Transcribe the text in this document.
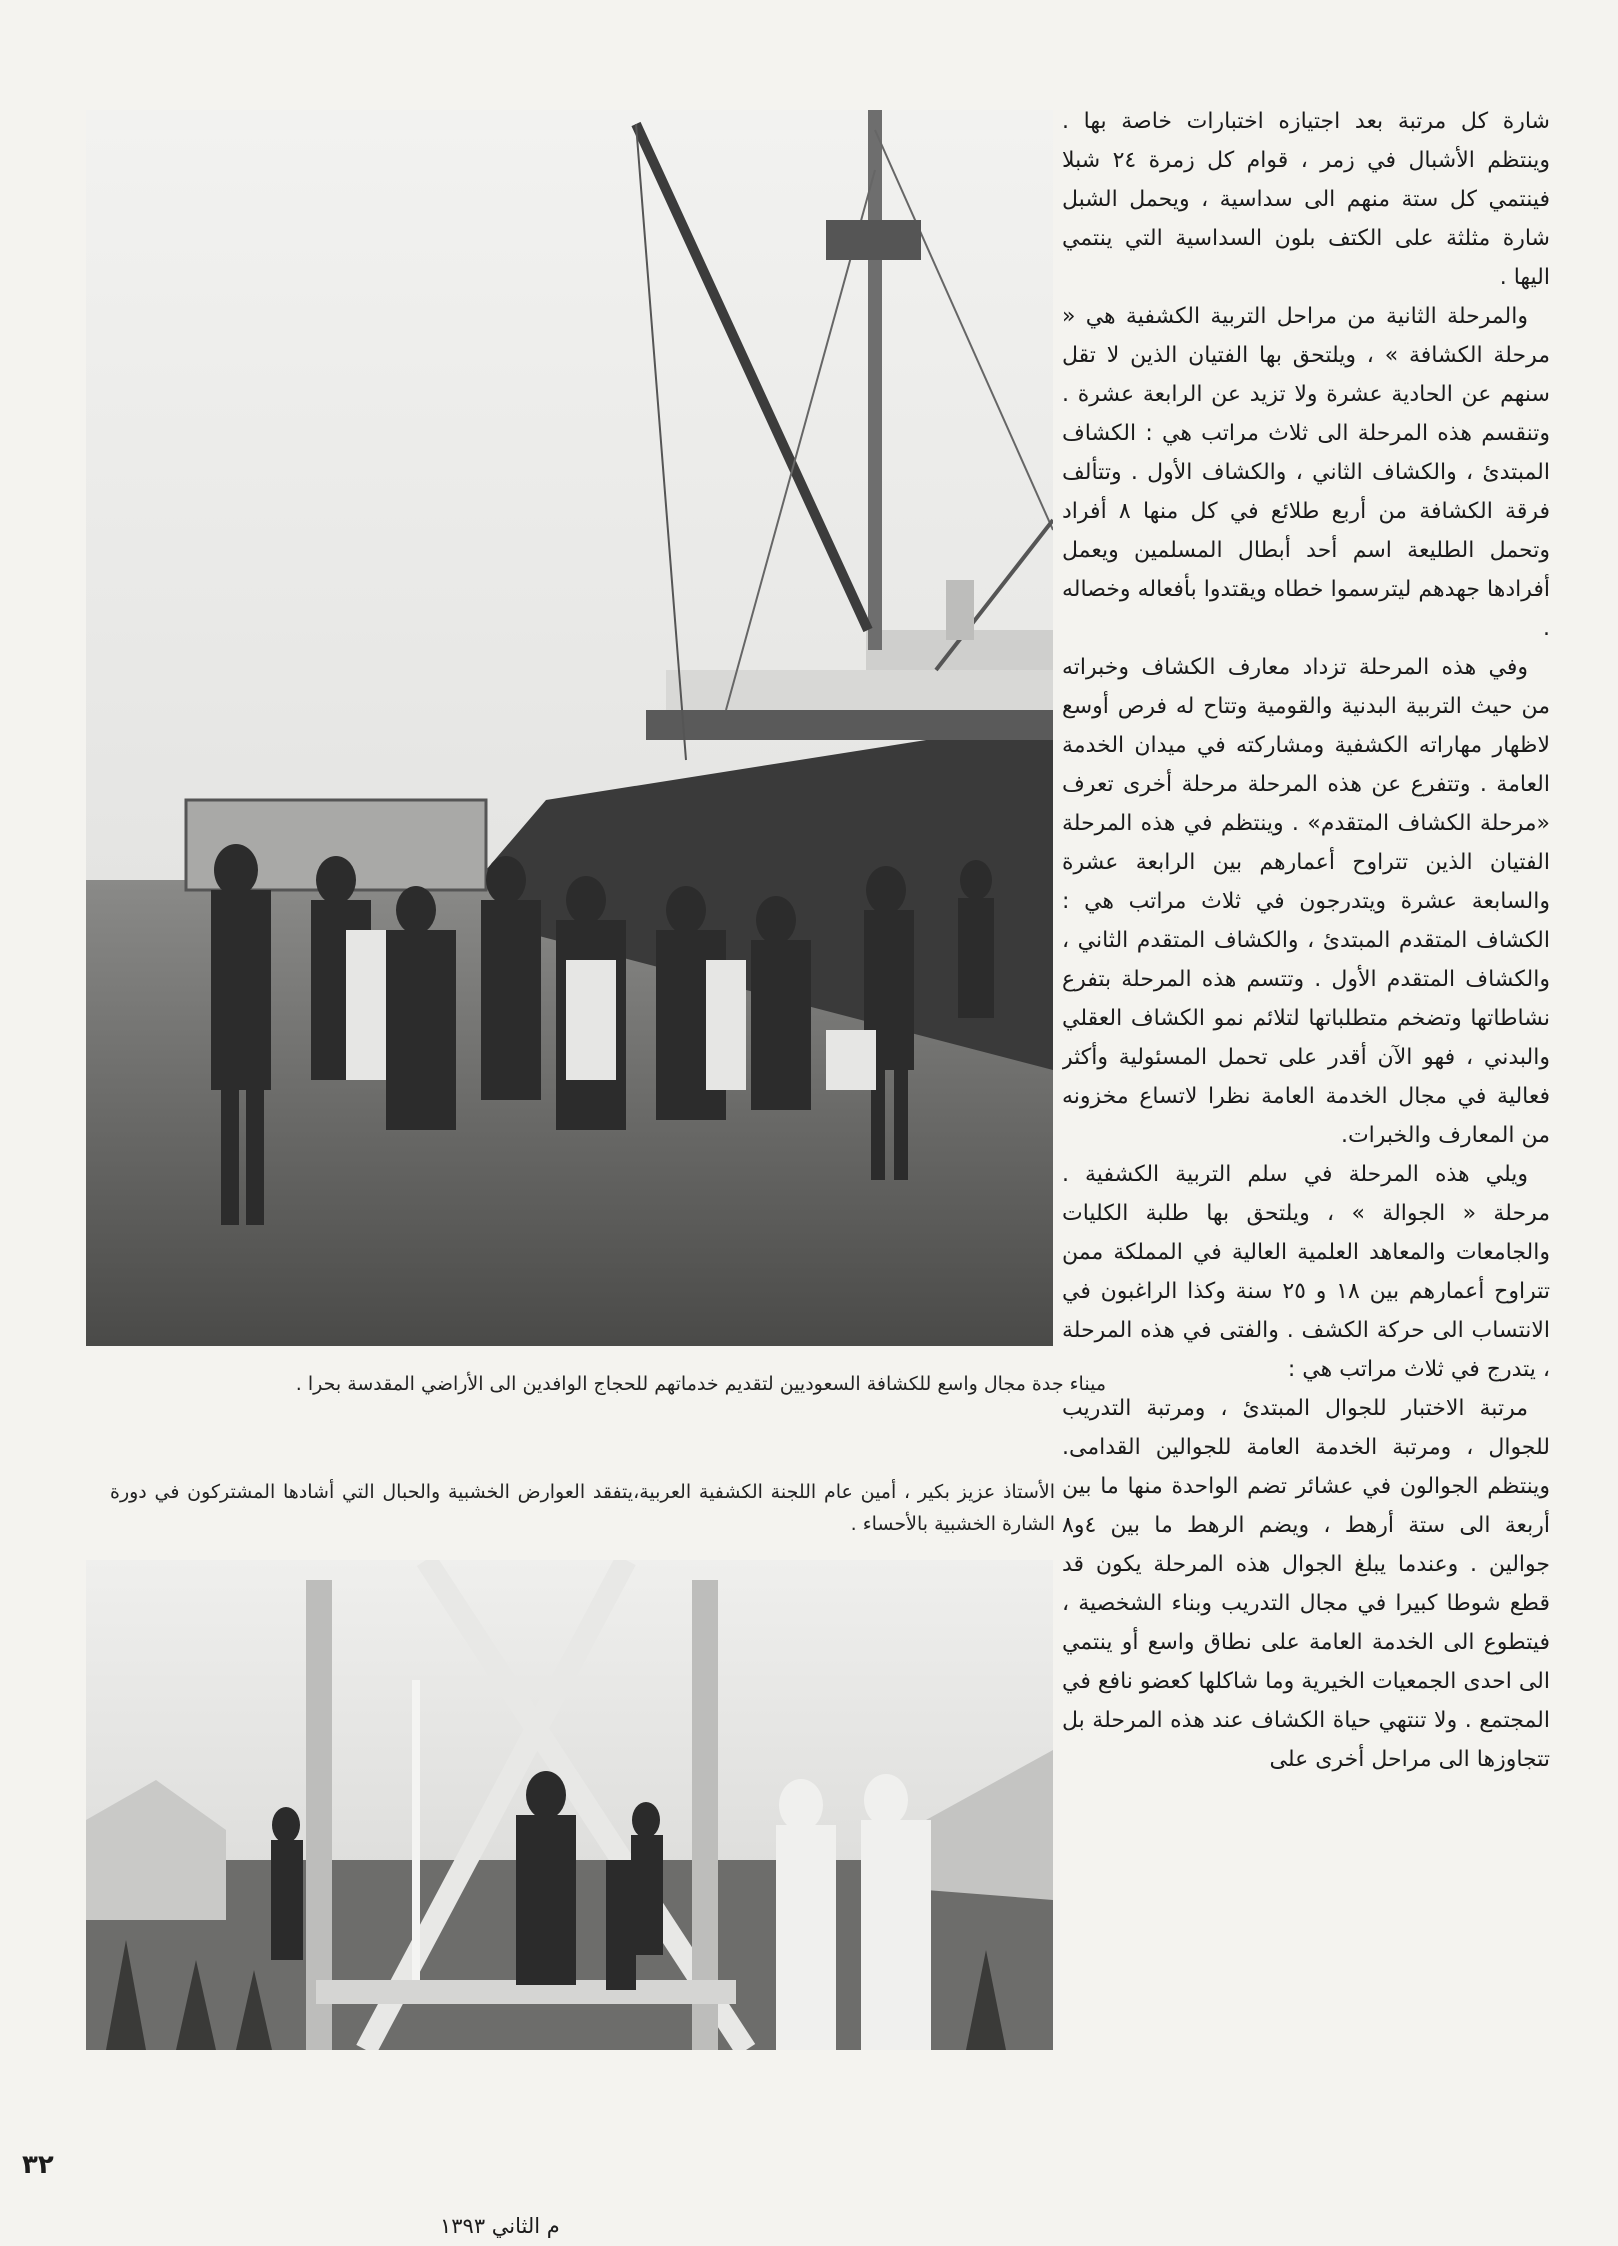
ميناء جدة مجال واسع للكشافة السعوديين لتقديم خدماتهم للحجاج الوافدين الى الأراضي المقدسة بحرا .
الأستاذ عزيز بكير ، أمين عام اللجنة الكشفية العربية،يتفقد العوارض الخشبية والحبال التي أشادها المشتركون في دورة الشارة الخشبية بالأحساء .

شارة كل مرتبة بعد اجتيازه اختبارات خاصة بها . وينتظم الأشبال في زمر ، قوام كل زمرة ٢٤ شبلا فينتمي كل ستة منهم الى سداسية ، ويحمل الشبل شارة مثلثة على الكتف بلون السداسية التي ينتمي اليها .

والمرحلة الثانية من مراحل التربية الكشفية هي « مرحلة الكشافة » ، ويلتحق بها الفتيان الذين لا تقل سنهم عن الحادية عشرة ولا تزيد عن الرابعة عشرة . وتنقسم هذه المرحلة الى ثلاث مراتب هي : الكشاف المبتدئ ، والكشاف الثاني ، والكشاف الأول . وتتألف فرقة الكشافة من أربع طلائع في كل منها ٨ أفراد وتحمل الطليعة اسم أحد أبطال المسلمين ويعمل أفرادها جهدهم ليترسموا خطاه ويقتدوا بأفعاله وخصاله .

وفي هذه المرحلة تزداد معارف الكشاف وخبراته من حيث التربية البدنية والقومية وتتاح له فرص أوسع لاظهار مهاراته الكشفية ومشاركته في ميدان الخدمة العامة . وتتفرع عن هذه المرحلة مرحلة أخرى تعرف «مرحلة الكشاف المتقدم» . وينتظم في هذه المرحلة الفتيان الذين تتراوح أعمارهم بين الرابعة عشرة والسابعة عشرة ويتدرجون في ثلاث مراتب هي : الكشاف المتقدم المبتدئ ، والكشاف المتقدم الثاني ، والكشاف المتقدم الأول . وتتسم هذه المرحلة بتفرع نشاطاتها وتضخم متطلباتها لتلائم نمو الكشاف العقلي والبدني ، فهو الآن أقدر على تحمل المسئولية وأكثر فعالية في مجال الخدمة العامة نظرا لاتساع مخزونه من المعارف والخبرات.

ويلي هذه المرحلة في سلم التربية الكشفية . مرحلة « الجوالة » ، ويلتحق بها طلبة الكليات والجامعات والمعاهد العلمية العالية في المملكة ممن تتراوح أعمارهم بين ١٨ و ٢٥ سنة وكذا الراغبون في الانتساب الى حركة الكشف . والفتى في هذه المرحلة ، يتدرج في ثلاث مراتب هي :

مرتبة الاختبار للجوال المبتدئ ، ومرتبة التدريب للجوال ، ومرتبة الخدمة العامة للجوالين القدامى. وينتظم الجوالون في عشائر تضم الواحدة منها ما بين أربعة الى ستة أرهط ، ويضم الرهط ما بين ٤و٨ جوالين . وعندما يبلغ الجوال هذه المرحلة يكون قد قطع شوطا كبيرا في مجال التدريب وبناء الشخصية ، فيتطوع الى الخدمة العامة على نطاق واسع أو ينتمي الى احدى الجمعيات الخيرية وما شاكلها كعضو نافع في المجتمع . ولا تنتهي حياة الكشاف عند هذه المرحلة بل تتجاوزها الى مراحل أخرى على

٣٢
م الثاني ١٣٩٣
